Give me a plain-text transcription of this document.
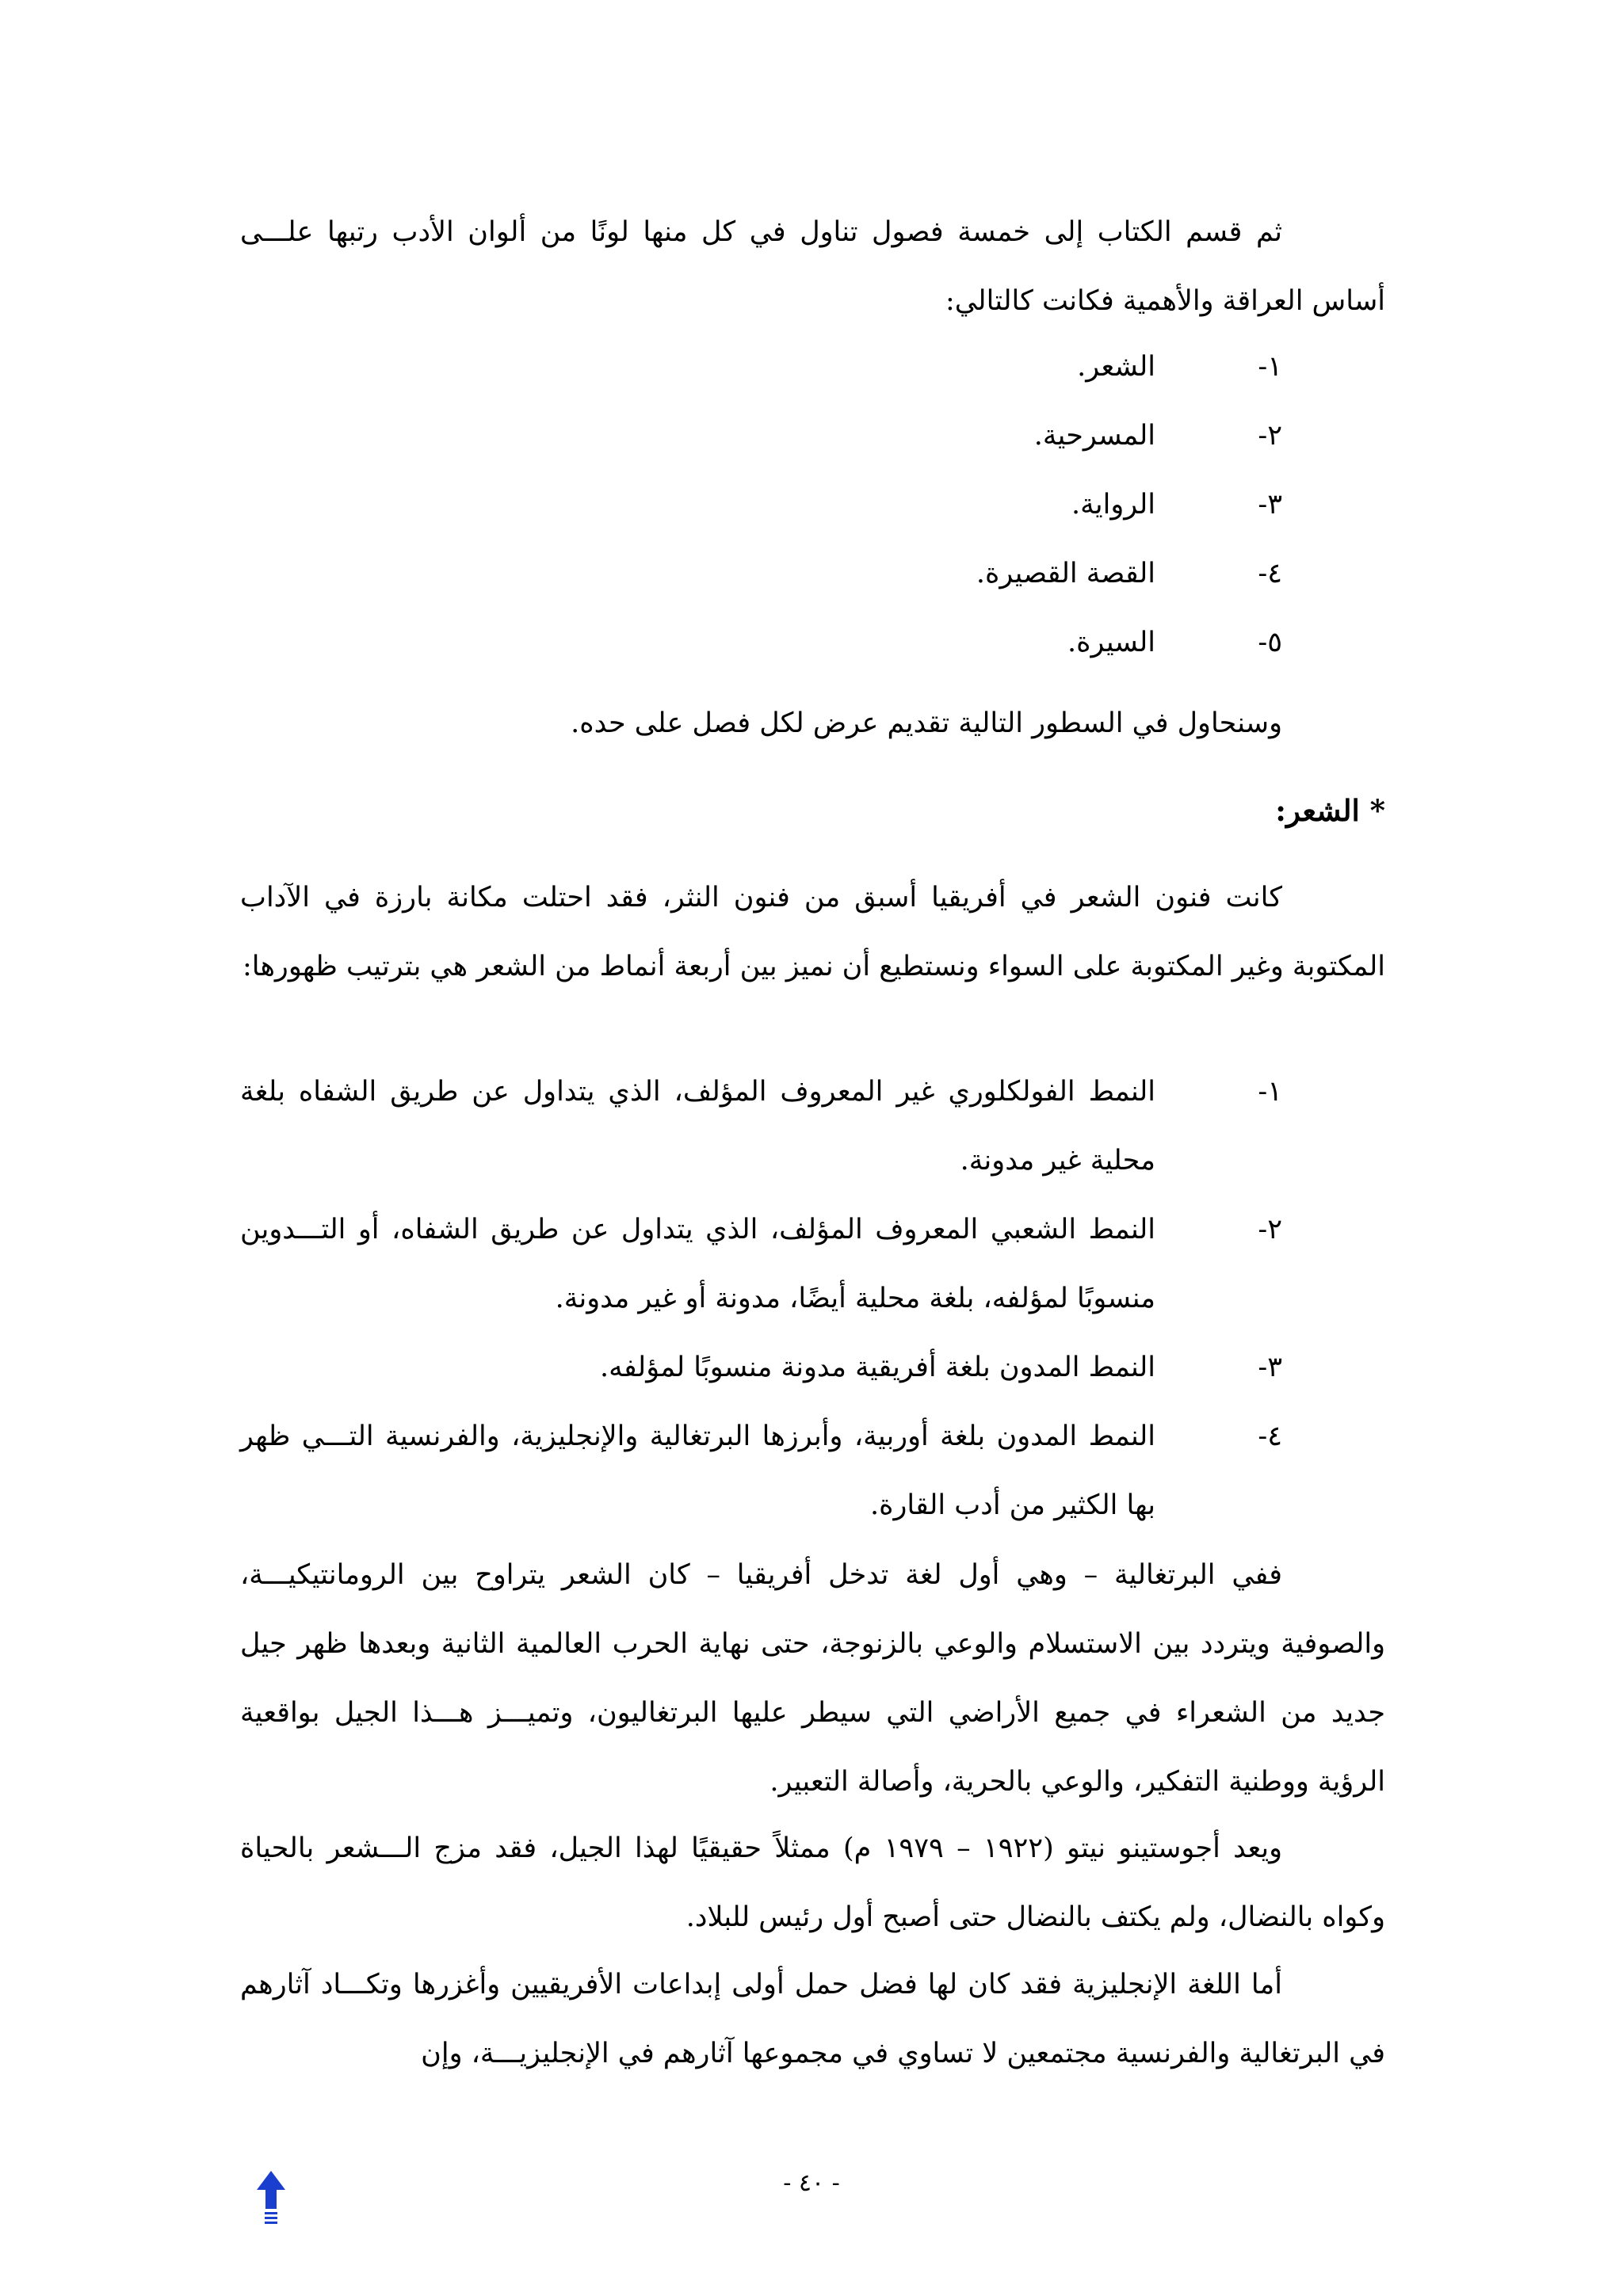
ثم قسم الكتاب إلى خمسة فصول تناول في كل منها لونًا من ألوان الأدب رتبها علـــى أساس العراقة والأهمية فكانت كالتالي:
١-
الشعر.
٢-
المسرحية.
٣-
الرواية.
٤-
القصة القصيرة.
٥-
السيرة.
وسنحاول في السطور التالية تقديم عرض لكل فصل على حده.
* الشعر:
كانت فنون الشعر في أفريقيا أسبق من فنون النثر، فقد احتلت مكانة بارزة في الآداب المكتوبة وغير المكتوبة على السواء ونستطيع أن نميز بين أربعة أنماط من الشعر هي بترتيب ظهورها:
١-
النمط الفولكلوري غير المعروف المؤلف، الذي يتداول عن طريق الشفاه بلغة محلية غير مدونة.
٢-
النمط الشعبي المعروف المؤلف، الذي يتداول عن طريق الشفاه، أو التـــدوين منسوبًا لمؤلفه، بلغة محلية أيضًا، مدونة أو غير مدونة.
٣-
النمط المدون بلغة أفريقية مدونة منسوبًا لمؤلفه.
٤-
النمط المدون بلغة أوربية، وأبرزها البرتغالية والإنجليزية، والفرنسية التـــي ظهر بها الكثير من أدب القارة.
ففي البرتغالية – وهي أول لغة تدخل أفريقيا – كان الشعر يتراوح بين الرومانتيكيـــة، والصوفية ويتردد بين الاستسلام والوعي بالزنوجة، حتى نهاية الحرب العالمية الثانية وبعدها ظهر جيل جديد من الشعراء في جميع الأراضي التي سيطر عليها البرتغاليون، وتميـــز هـــذا الجيل بواقعية الرؤية ووطنية التفكير، والوعي بالحرية، وأصالة التعبير.
ويعد أجوستينو نيتو (١٩٢٢ – ١٩٧٩ م) ممثلاً حقيقيًا لهذا الجيل، فقد مزج الـــشعر بالحياة وكواه بالنضال، ولم يكتف بالنضال حتى أصبح أول رئيس للبلاد.
أما اللغة الإنجليزية فقد كان لها فضل حمل أولى إبداعات الأفريقيين وأغزرها وتكـــاد آثارهم في البرتغالية والفرنسية مجتمعين لا تساوي في مجموعها آثارهم في الإنجليزيـــة، وإن
- ٤٠ -
